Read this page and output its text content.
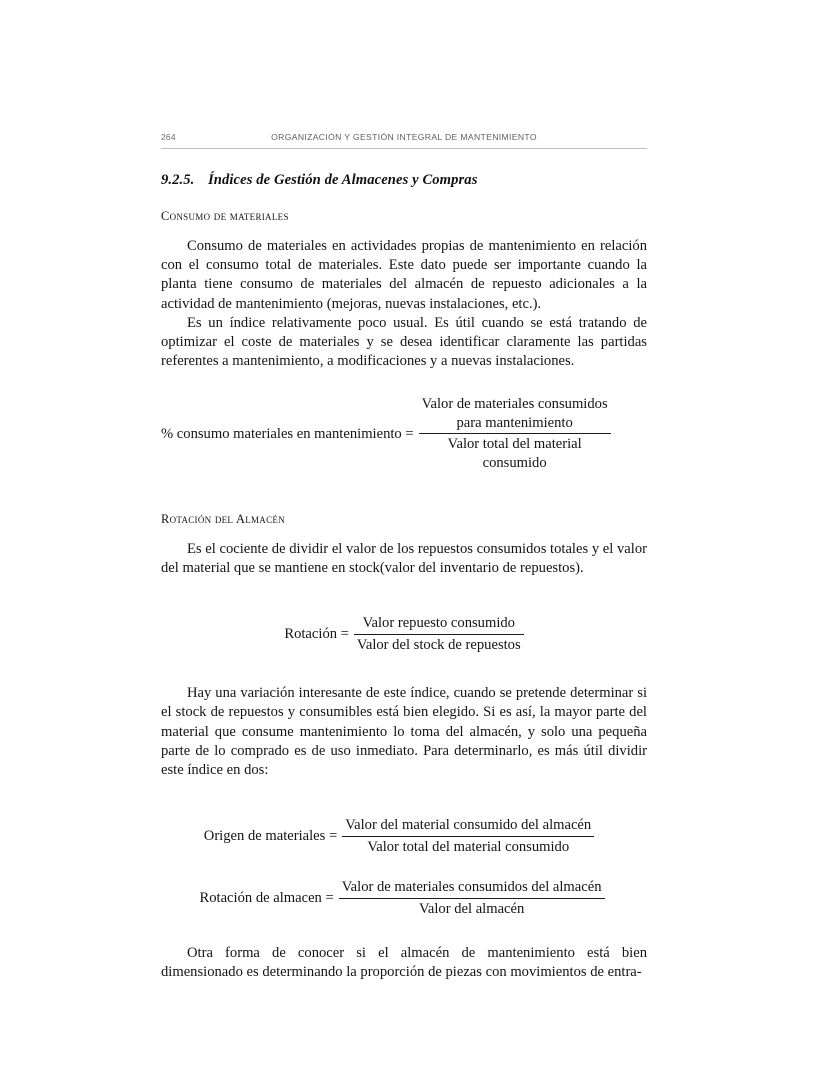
264	ORGANIZACIÓN Y GESTIÓN INTEGRAL DE MANTENIMIENTO
9.2.5. Índices de Gestión de Almacenes y Compras
Consumo de materiales

Consumo de materiales en actividades propias de mantenimiento en relación con el consumo total de materiales. Este dato puede ser importante cuando la planta tiene consumo de materiales del almacén de repuesto adicionales a la actividad de mantenimiento (mejoras, nuevas instalaciones, etc.).

Es un índice relativamente poco usual. Es útil cuando se está tratando de optimizar el coste de materiales y se desea identificar claramente las partidas referentes a mantenimiento, a modificaciones y a nuevas instalaciones.

% consumo materiales en mantenimiento = Valor de materiales consumidos
para mantenimiento
Valor total del material
consumido
Rotación del Almacén

Es el cociente de dividir el valor de los repuestos consumidos totales y el valor del material que se mantiene en stock(valor del inventario de repuestos).

Rotación = $\frac{\text{Valor repuesto consumido}}{\text{Valor del stock de repuestos}}$

Hay una variación interesante de este índice, cuando se pretende determinar si el stock de repuestos y consumibles está bien elegido. Si es así, la mayor parte del material que consume mantenimiento lo toma del almacén, y solo una pequeña parte de lo comprado es de uso inmediato. Para determinarlo, es más útil dividir este índice en dos:

Origen de materiales = $\frac{\text{Valor del material consumido del almacén}}{\text{Valor total del material consumido}}$
Rotación de almacen = $\frac{\text{Valor de materiales consumidos del almacén}}{\text{Valor del almacén}}$

Otra forma de conocer si el almacén de mantenimiento está bien dimensionado es determinando la proporción de piezas con movimientos de entra-
